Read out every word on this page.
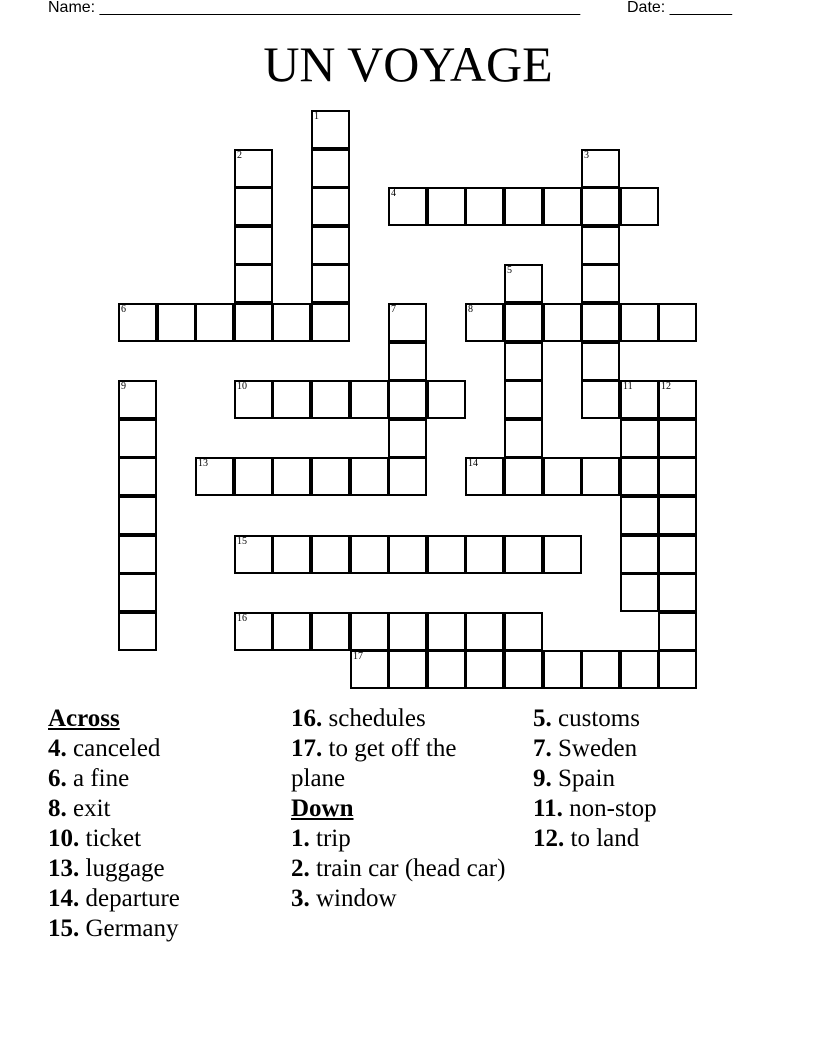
Name: ______________________________________________________	Date: _______
UN VOYAGE
1
2	3
4
5
6	7	8
9	10	11	12
13	14
15
16
17
Across
4. canceled
6. a fine
8. exit
10. ticket
13. luggage
14. departure
15. Germany
16. schedules
17. to get off the plane
Down
1. trip
2. train car (head car)
3. window
5. customs
7. Sweden
9. Spain
11. non-stop
12. to land
